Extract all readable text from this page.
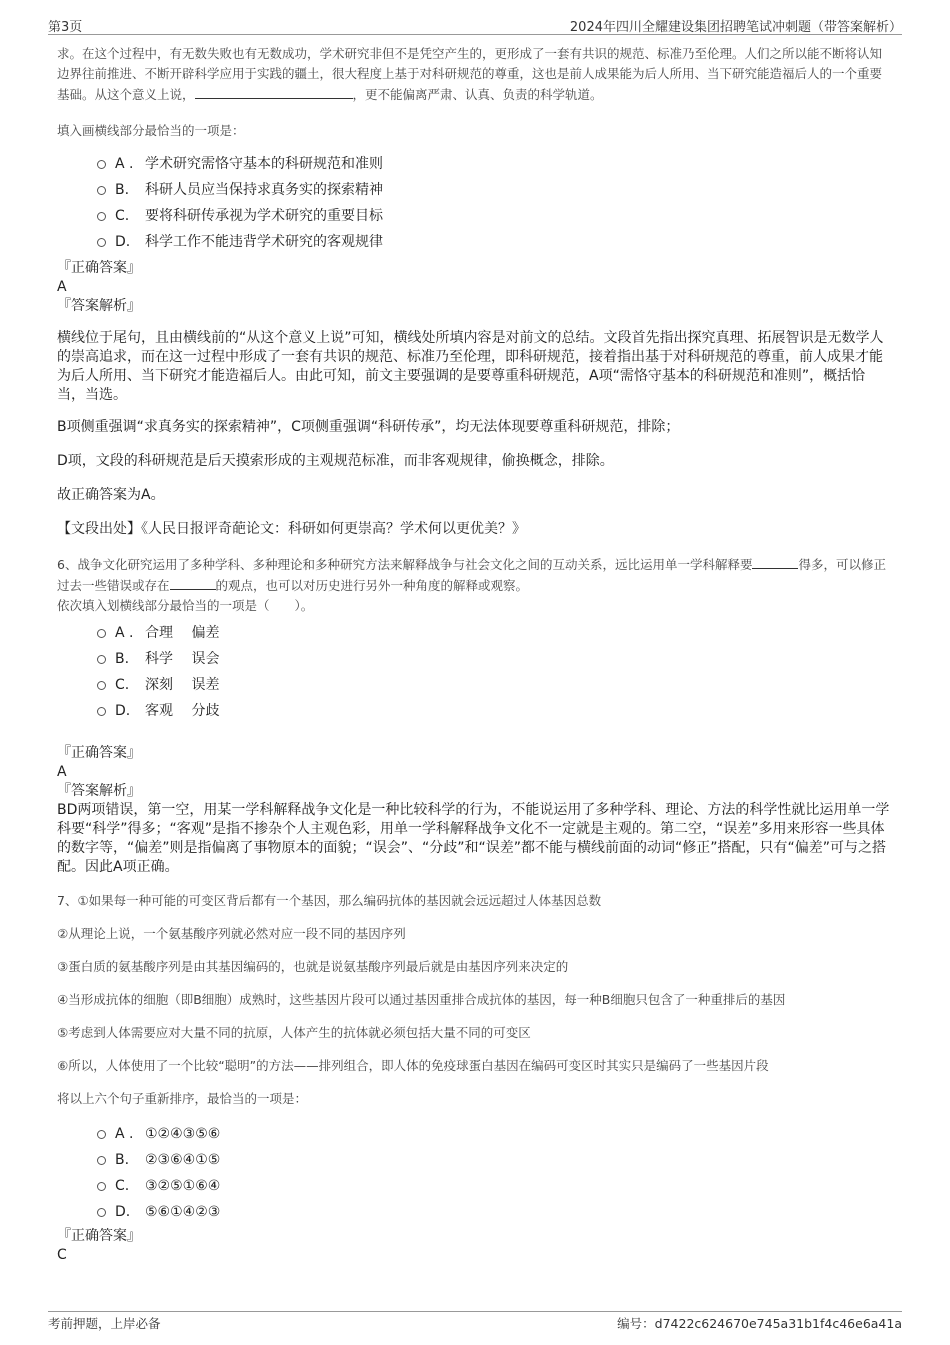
第3页	2024年四川全耀建设集团招聘笔试冲刺题（带答案解析）

求。在这个过程中，有无数失败也有无数成功，学术研究非但不是凭空产生的，更形成了一套有共识的规范、标准乃至伦理。人们之所以能不断将认知边界往前推进、不断开辟科学应用于实践的疆土，很大程度上基于对科研规范的尊重，这也是前人成果能为后人所用、当下研究能造福后人的一个重要基础。从这个意义上说，	，更不能偏离严肃、认真、负责的科学轨道。

填入画横线部分最恰当的一项是：

A . 学术研究需恪守基本的科研规范和准则
B. 科研人员应当保持求真务实的探索精神
C. 要将科研传承视为学术研究的重要目标
D. 科学工作不能违背学术研究的客观规律

『正确答案』

A

『答案解析』

横线位于尾句，且由横线前的“从这个意义上说”可知，横线处所填内容是对前文的总结。文段首先指出探究真理、拓展智识是无数学人的崇高追求，而在这一过程中形成了一套有共识的规范、标准乃至伦理，即科研规范，接着指出基于对科研规范的尊重，前人成果才能为后人所用、当下研究才能造福后人。由此可知，前文主要强调的是要尊重科研规范，A项“需恪守基本的科研规范和准则”，概括恰当，当选。

B项侧重强调“求真务实的探索精神”，C项侧重强调“科研传承”，均无法体现要尊重科研规范，排除；

D项，文段的科研规范是后天摸索形成的主观规范标准，而非客观规律，偷换概念，排除。

故正确答案为A。

【文段出处】《人民日报评奇葩论文：科研如何更崇高？学术何以更优美？》

6、战争文化研究运用了多种学科、多种理论和多种研究方法来解释战争与社会文化之间的互动关系，远比运用单一学科解释要	得多，可以修正过去一些错误或存在	的观点，也可以对历史进行另外一种角度的解释或观察。

依次填入划横线部分最恰当的一项是（　　）。

A . 合理　 偏差
B. 科学　 误会
C. 深刻　 误差
D. 客观　 分歧

『正确答案』

A

『答案解析』

BD两项错误，第一空，用某一学科解释战争文化是一种比较科学的行为，不能说运用了多种学科、理论、方法的科学性就比运用单一学科要“科学”得多；“客观”是指不掺杂个人主观色彩，用单一学科解释战争文化不一定就是主观的。第二空，“误差”多用来形容一些具体的数字等，“偏差”则是指偏离了事物原本的面貌；“误会”、“分歧”和“误差”都不能与横线前面的动词“修正”搭配，只有“偏差”可与之搭配。因此A项正确。

7、①如果每一种可能的可变区背后都有一个基因，那么编码抗体的基因就会远远超过人体基因总数

②从理论上说，一个氨基酸序列就必然对应一段不同的基因序列

③蛋白质的氨基酸序列是由其基因编码的，也就是说氨基酸序列最后就是由基因序列来决定的

④当形成抗体的细胞（即B细胞）成熟时，这些基因片段可以通过基因重排合成抗体的基因，每一种B细胞只包含了一种重排后的基因

⑤考虑到人体需要应对大量不同的抗原，人体产生的抗体就必须包括大量不同的可变区

⑥所以，人体使用了一个比较“聪明”的方法——排列组合，即人体的免疫球蛋白基因在编码可变区时其实只是编码了一些基因片段

将以上六个句子重新排序，最恰当的一项是：

A . ①②④③⑤⑥
B. ②③⑥④①⑤
C. ③②⑤①⑥④
D. ⑤⑥①④②③

『正确答案』

C

考前押题，上岸必备	编号：d7422c624670e745a31b1f4c46e6a41a
